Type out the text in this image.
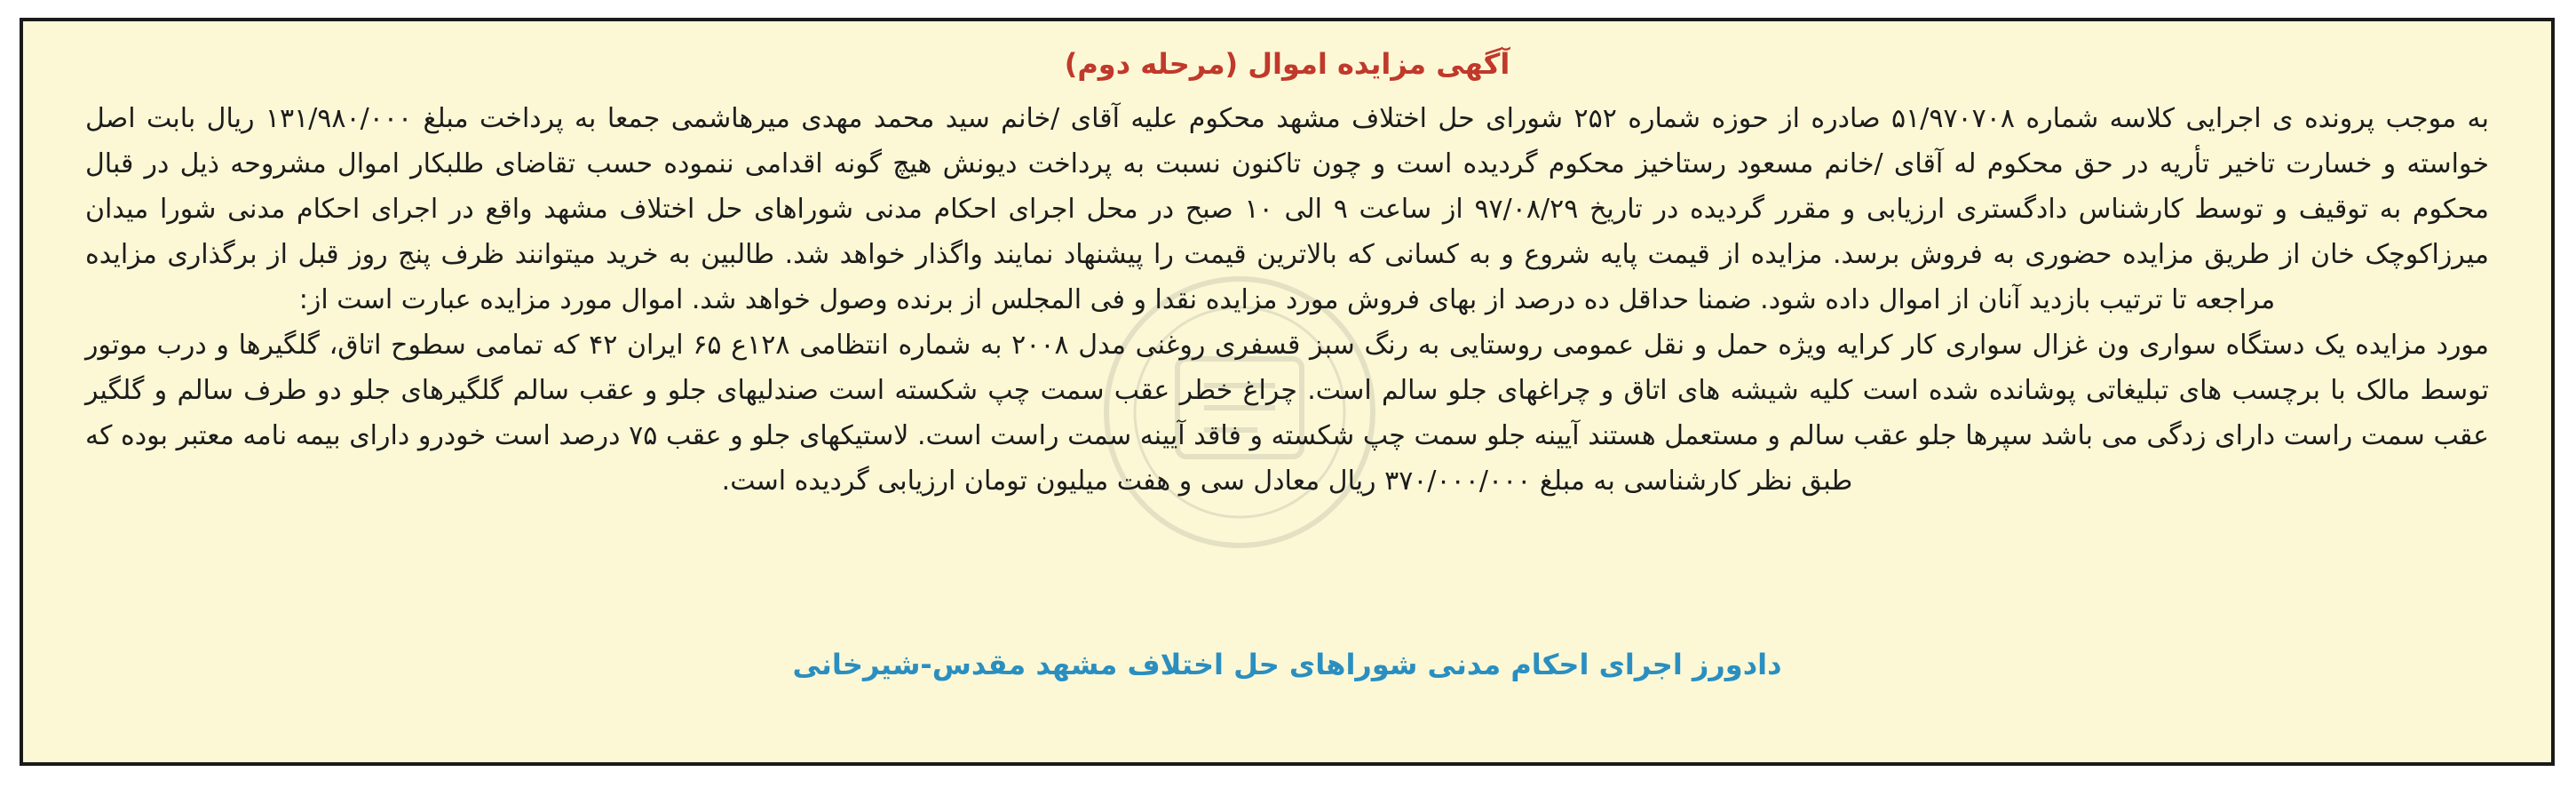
آگهی مزایده اموال (مرحله دوم)

به موجب پرونده ی اجرایی کلاسه شماره ۵۱/۹۷۰۷۰۸ صادره از حوزه شماره ۲۵۲ شورای حل اختلاف مشهد محکوم علیه آقای /خانم سید محمد مهدی میرهاشمی جمعا به پرداخت مبلغ ۱۳۱/۹۸۰/۰۰۰ ریال بابت اصل خواسته و خسارت تاخیر تأریه در حق محکوم له آقای /خانم مسعود رستاخیز محکوم گردیده است و چون تاکنون نسبت به پرداخت دیونش هیچ گونه اقدامی ننموده حسب تقاضای طلبکار اموال مشروحه ذیل در قبال محکوم به توقیف و توسط کارشناس دادگستری ارزیابی و مقرر گردیده در تاریخ ۹۷/۰۸/۲۹ از ساعت ۹ الی ۱۰ صبح در محل اجرای احکام مدنی شوراهای حل اختلاف مشهد واقع در اجرای احکام مدنی شورا میدان میرزاکوچک خان از طریق مزایده حضوری به فروش برسد. مزایده از قیمت پایه شروع و به کسانی که بالاترین قیمت را پیشنهاد نمایند واگذار خواهد شد. طالبین به خرید میتوانند ظرف پنج روز قبل از برگذاری مزایده مراجعه تا ترتیب بازدید آنان از اموال داده شود. ضمنا حداقل ده درصد از بهای فروش مورد مزایده نقدا و فی المجلس از برنده وصول خواهد شد. اموال مورد مزایده عبارت است از:

مورد مزایده یک دستگاه سواری ون غزال سواری کار کرایه ویژه حمل و نقل عمومی روستایی به رنگ سبز قسفری روغنی مدل ۲۰۰۸ به شماره انتظامی ۱۲۸ع ۶۵ ایران ۴۲ که تمامی سطوح اتاق، گلگیرها و درب موتور توسط مالک با برچسب های تبلیغاتی پوشانده شده است کلیه شیشه های اتاق و چراغهای جلو سالم است. چراغ خطر عقب سمت چپ شکسته است صندلیهای جلو و عقب سالم گلگیرهای جلو دو طرف سالم و گلگیر عقب سمت راست دارای زدگی می باشد سپرها جلو عقب سالم و مستعمل هستند آیینه جلو سمت چپ شکسته و فاقد آیینه سمت راست است. لاستیکهای جلو و عقب ۷۵ درصد است خودرو دارای بیمه نامه معتبر بوده که طبق نظر کارشناسی به مبلغ ۳۷۰/۰۰۰/۰۰۰ ریال معادل سی و هفت میلیون تومان ارزیابی گردیده است.

دادورز اجرای احکام مدنی شوراهای حل اختلاف مشهد مقدس-شیرخانی
